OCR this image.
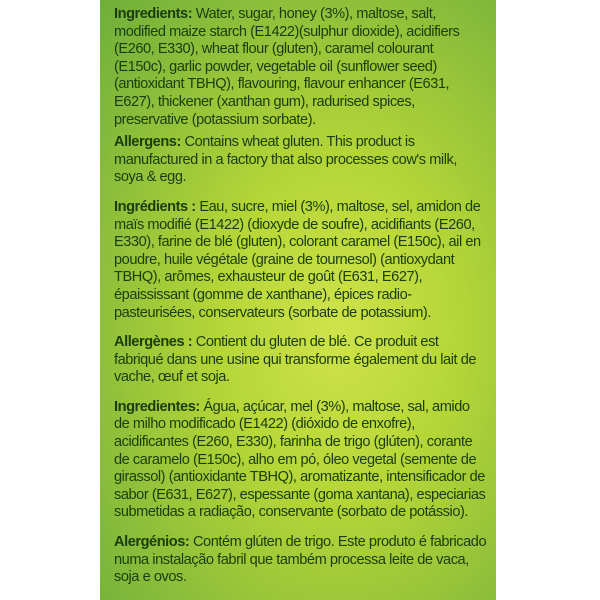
Ingredients: Water, sugar, honey (3%), maltose, salt, modified maize starch (E1422)(sulphur dioxide), acidifiers (E260, E330), wheat flour (gluten), caramel colourant (E150c), garlic powder, vegetable oil (sunflower seed)(antioxidant TBHQ), flavouring, flavour enhancer (E631, E627), thickener (xanthan gum), radurised spices, preservative (potassium sorbate).

Allergens: Contains wheat gluten. This product is manufactured in a factory that also processes cow's milk, soya & egg.

Ingrédients : Eau, sucre, miel (3%), maltose, sel, amidon de maïs modifié (E1422) (dioxyde de soufre), acidifiants (E260, E330), farine de blé (gluten), colorant caramel (E150c), ail en poudre, huile végétale (graine de tournesol) (antioxydant TBHQ), arômes, exhausteur de goût (E631, E627), épaississant (gomme de xanthane), épices radio-pasteurisées, conservateurs (sorbate de potassium).

Allergènes : Contient du gluten de blé. Ce produit est fabriqué dans une usine qui transforme également du lait de vache, œuf et soja.

Ingredientes: Água, açúcar, mel (3%), maltose, sal, amido de milho modificado (E1422) (dióxido de enxofre), acidificantes (E260, E330), farinha de trigo (glúten), corante de caramelo (E150c), alho em pó, óleo vegetal (semente de girassol) (antioxidante TBHQ), aromatizante, intensificador de sabor (E631, E627), espessante (goma xantana), especiarias submetidas a radiação, conservante (sorbato de potássio).

Alergénios: Contém glúten de trigo. Este produto é fabricado numa instalação fabril que também processa leite de vaca, soja e ovos.
